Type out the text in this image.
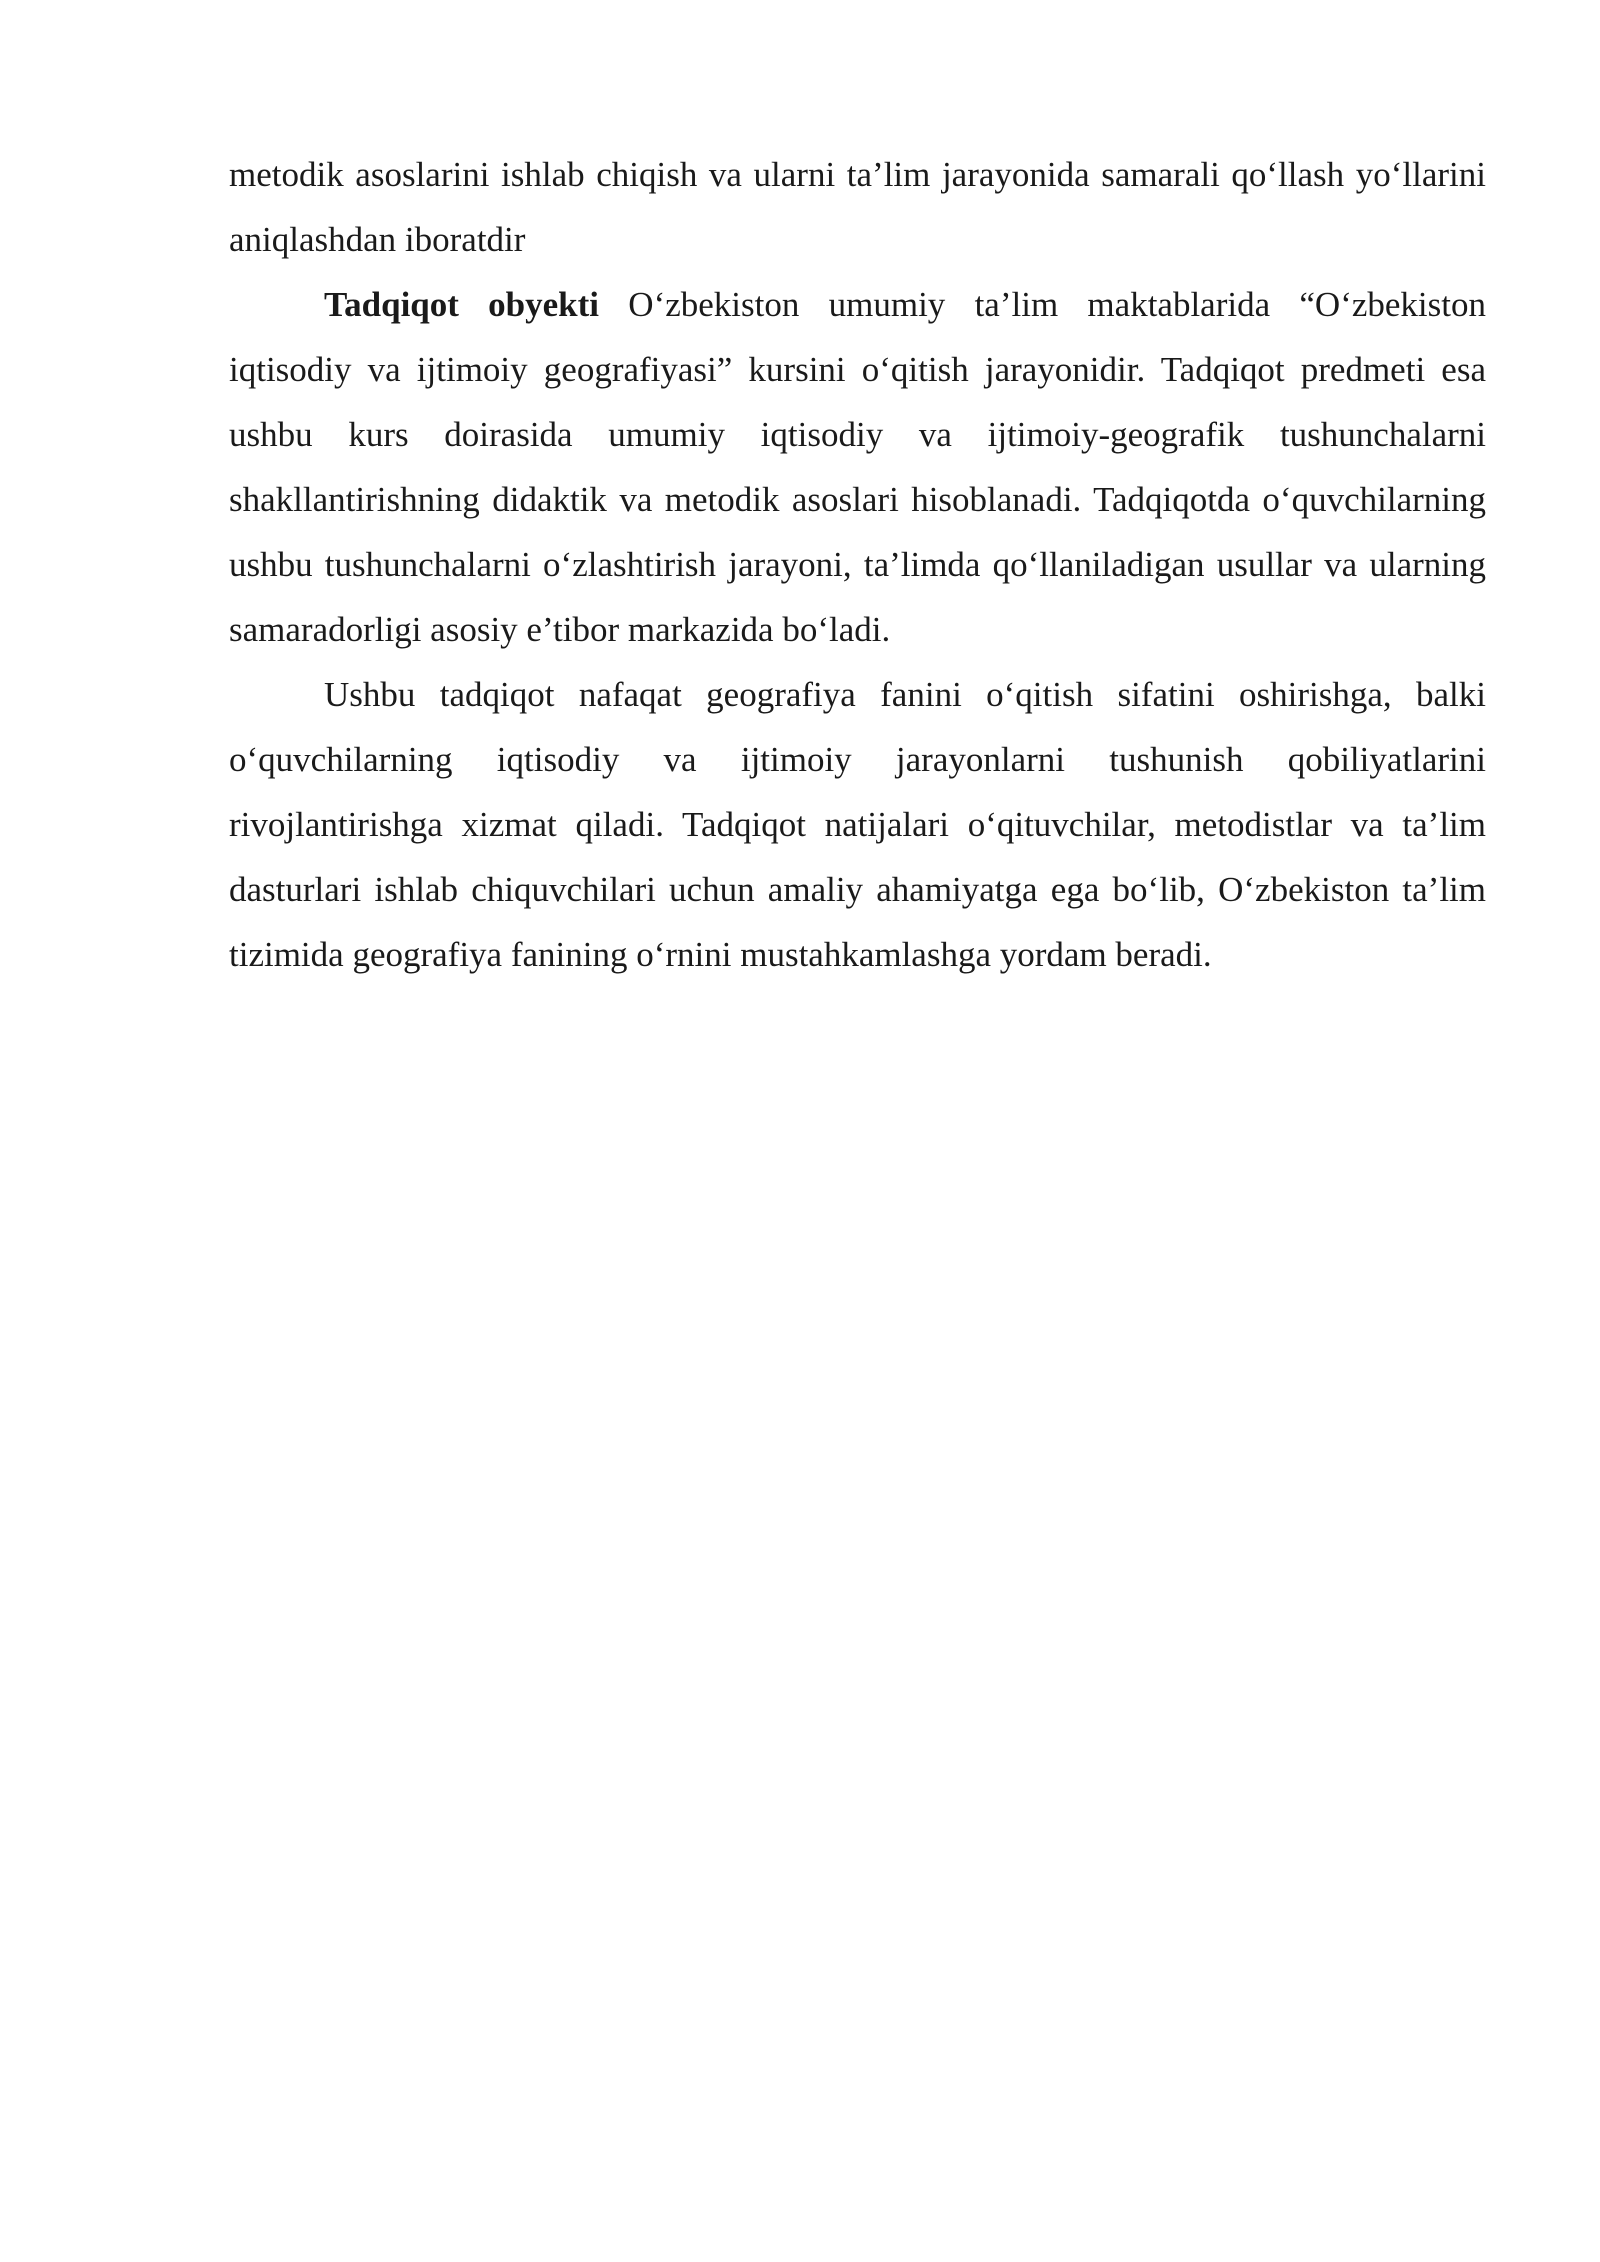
metodik asoslarini ishlab chiqish va ularni ta’lim jarayonida samarali qo‘llash yo‘llarini aniqlashdan iboratdir

Tadqiqot obyekti O‘zbekiston umumiy ta’lim maktablarida “O‘zbekiston iqtisodiy va ijtimoiy geografiyasi” kursini o‘qitish jarayonidir. Tadqiqot predmeti esa ushbu kurs doirasida umumiy iqtisodiy va ijtimoiy-geografik tushunchalarni shakllantirishning didaktik va metodik asoslari hisoblanadi. Tadqiqotda o‘quvchilarning ushbu tushunchalarni o‘zlashtirish jarayoni, ta’limda qo‘llaniladigan usullar va ularning samaradorligi asosiy e’tibor markazida bo‘ladi.

Ushbu tadqiqot nafaqat geografiya fanini o‘qitish sifatini oshirishga, balki o‘quvchilarning iqtisodiy va ijtimoiy jarayonlarni tushunish qobiliyatlarini rivojlantirishga xizmat qiladi. Tadqiqot natijalari o‘qituvchilar, metodistlar va ta’lim dasturlari ishlab chiquvchilari uchun amaliy ahamiyatga ega bo‘lib, O‘zbekiston ta’lim tizimida geografiya fanining o‘rnini mustahkamlashga yordam beradi.
